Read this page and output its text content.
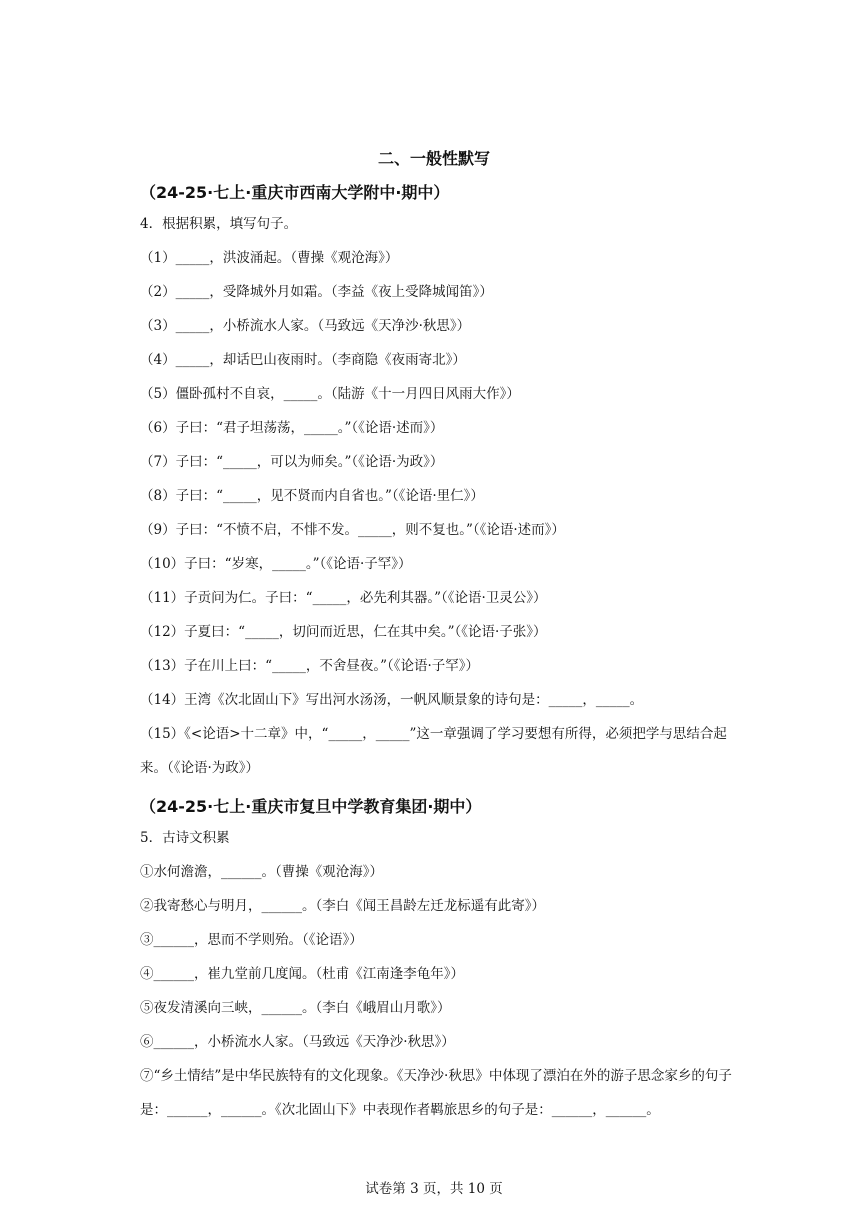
二、一般性默写
（24-25·七上·重庆市西南大学附中·期中）
4．根据积累，填写句子。
（1）_____，洪波涌起。（曹操《观沧海》）
（2）_____，受降城外月如霜。（李益《夜上受降城闻笛》）
（3）_____，小桥流水人家。（马致远《天净沙·秋思》）
（4）_____，却话巴山夜雨时。（李商隐《夜雨寄北》）
（5）僵卧孤村不自哀，_____。（陆游《十一月四日风雨大作》）
（6）子曰：“君子坦荡荡，_____。”（《论语·述而》）
（7）子曰：“_____，可以为师矣。”（《论语·为政》）
（8）子曰：“_____，见不贤而内自省也。”（《论语·里仁》）
（9）子曰：“不愤不启，不悱不发。_____，则不复也。”（《论语·述而》）
（10）子曰：“岁寒，_____。”（《论语·子罕》）
（11）子贡问为仁。子曰：“_____，必先利其器。”（《论语·卫灵公》）
（12）子夏曰：“_____，切问而近思，仁在其中矣。”（《论语·子张》）
（13）子在川上曰：“_____，不舍昼夜。”（《论语·子罕》）
（14）王湾《次北固山下》写出河水汤汤，一帆风顺景象的诗句是：_____，_____。
（15）《<论语>十二章》中，“_____，_____”这一章强调了学习要想有所得，必须把学与思结合起来。（《论语·为政》）
（24-25·七上·重庆市复旦中学教育集团·期中）
5．古诗文积累
①水何澹澹，______。（曹操《观沧海》）
②我寄愁心与明月，______。（李白《闻王昌龄左迁龙标遥有此寄》）
③______，思而不学则殆。（《论语》）
④______，崔九堂前几度闻。（杜甫《江南逢李龟年》）
⑤夜发清溪向三峡，______。（李白《峨眉山月歌》）
⑥______，小桥流水人家。（马致远《天净沙·秋思》）
⑦“乡土情结”是中华民族特有的文化现象。《天净沙·秋思》中体现了漂泊在外的游子思念家乡的句子是：______，______。《次北固山下》中表现作者羁旅思乡的句子是：______，______。
试卷第 3 页，共 10 页
